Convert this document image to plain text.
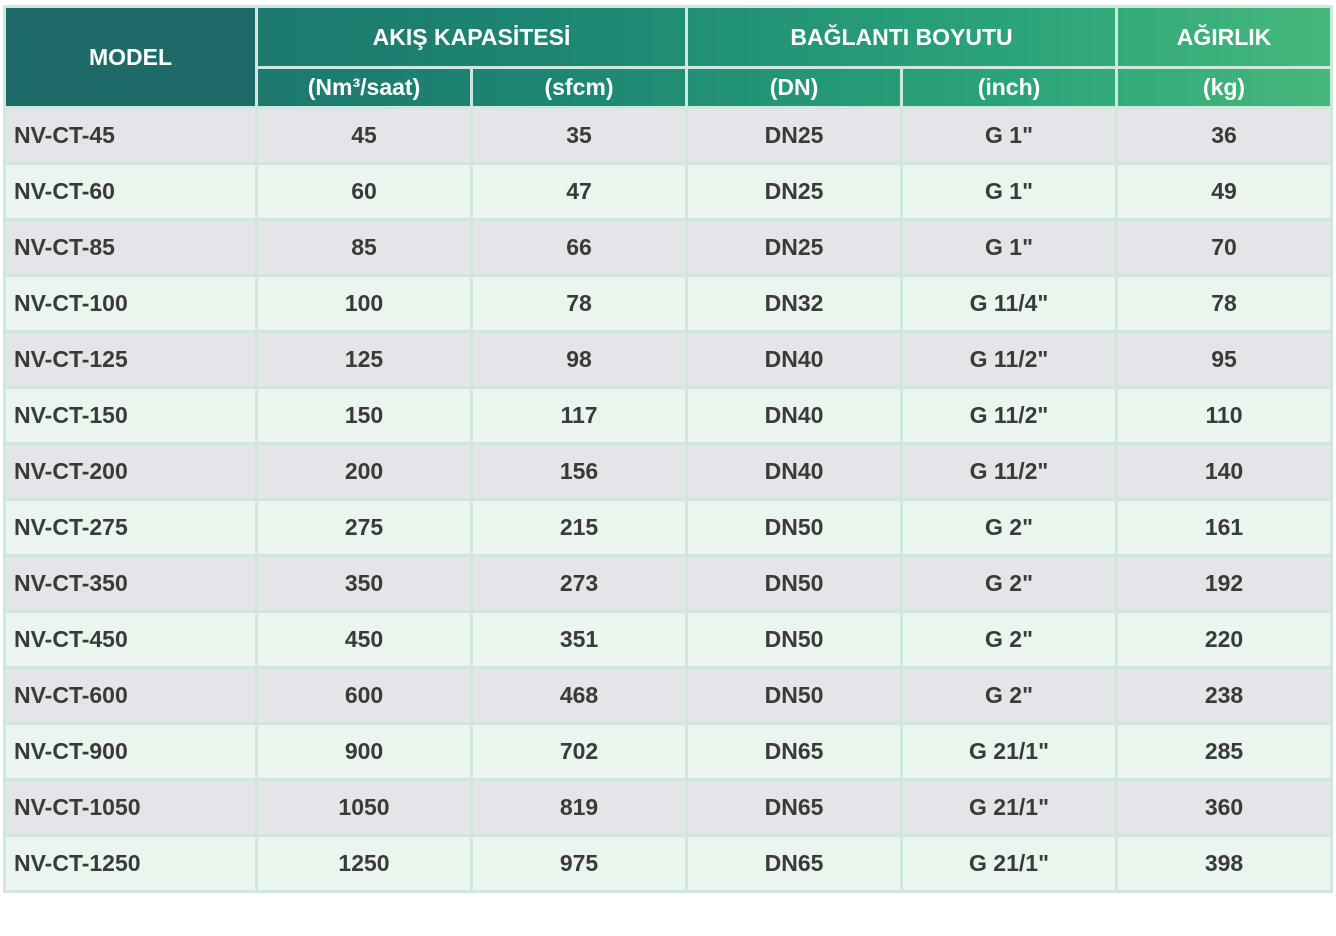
MODEL	AKIŞ KAPASİTESİ		BAĞLANTI BOYUTU		AĞIRLIK
	(Nm³/saat)	(sfcm)	(DN)	(inch)	(kg)
NV-CT-45	45	35	DN25	G 1"	36
NV-CT-60	60	47	DN25	G 1"	49
NV-CT-85	85	66	DN25	G 1"	70
NV-CT-100	100	78	DN32	G 11/4"	78
NV-CT-125	125	98	DN40	G 11/2"	95
NV-CT-150	150	117	DN40	G 11/2"	110
NV-CT-200	200	156	DN40	G 11/2"	140
NV-CT-275	275	215	DN50	G 2"	161
NV-CT-350	350	273	DN50	G 2"	192
NV-CT-450	450	351	DN50	G 2"	220
NV-CT-600	600	468	DN50	G 2"	238
NV-CT-900	900	702	DN65	G 21/1"	285
NV-CT-1050	1050	819	DN65	G 21/1"	360
NV-CT-1250	1250	975	DN65	G 21/1"	398
